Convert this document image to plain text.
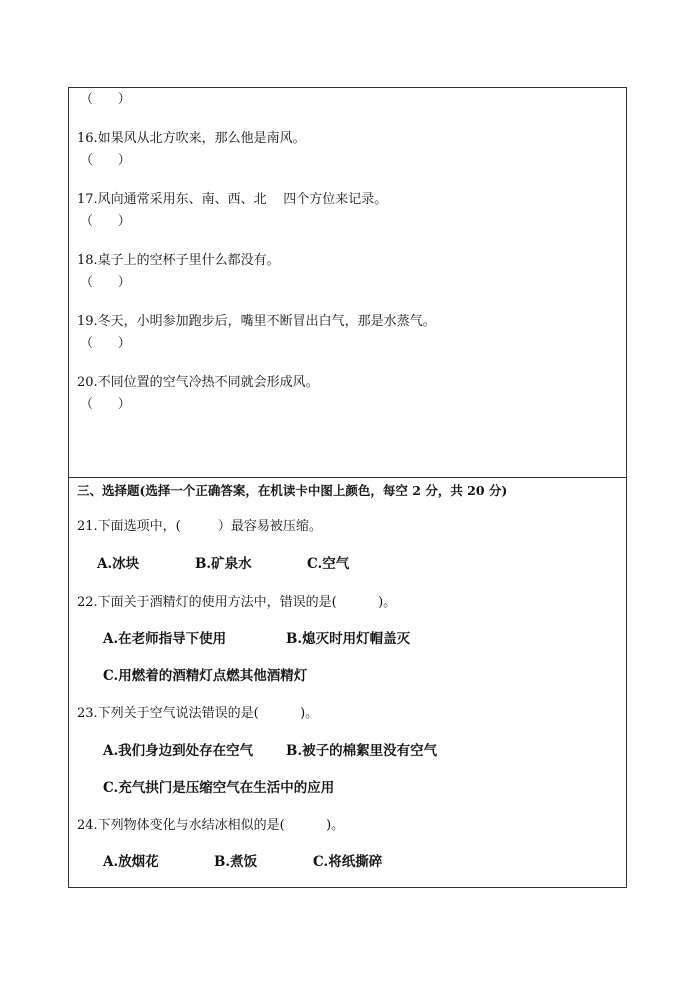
（      ）
16.如果风从北方吹来，那么他是南风。
（      ）
17.风向通常采用东、南、西、北    四个方位来记录。
（      ）
18.桌子上的空杯子里什么都没有。
（      ）
19.冬天，小明参加跑步后，嘴里不断冒出白气，那是水蒸气。
（      ）
20.不同位置的空气冷热不同就会形成风。
（      ）
三、选择题(选择一个正确答案，在机读卡中图上颜色，每空 2 分，共 20 分)
21.下面选项中，(         ）最容易被压缩。
A.冰块	B.矿泉水	C.空气
22.下面关于酒精灯的使用方法中，错误的是(          )。
A.在老师指导下使用	B.熄灭时用灯帽盖灭
C.用燃着的酒精灯点燃其他酒精灯
23.下列关于空气说法错误的是(          )。
A.我们身边到处存在空气 B.被子的棉絮里没有空气
C.充气拱门是压缩空气在生活中的应用
24.下列物体变化与水结冰相似的是(          )。
A.放烟花	B.煮饭	C.将纸撕碎
